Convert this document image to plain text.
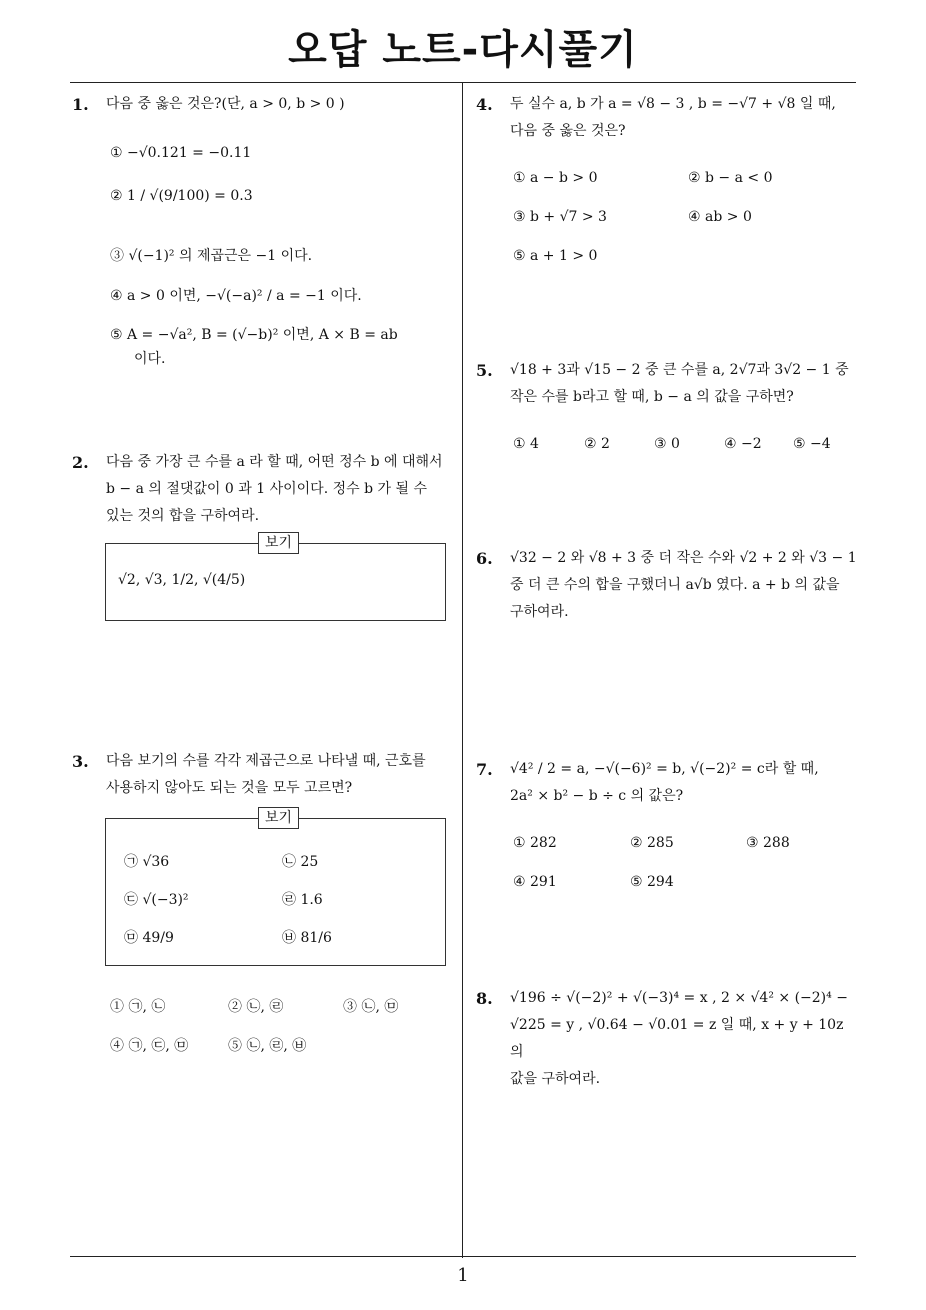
오답 노트-다시풀기
1
1. 다음 중 옳은 것은?(단, a > 0, b > 0 )
① −√0.121 = −0.11
② 1 / √(9/100) = 0.3
③ √(−1)² 의 제곱근은 −1 이다.
④ a > 0 이면, −√(−a)² / a = −1 이다.
⑤ A = −√a², B = (√−b)² 이면, A × B = ab
이다.
2. 다음 중 가장 큰 수를 a 라 할 때, 어떤 정수 b 에 대해서
b − a 의 절댓값이 0 과 1 사이이다. 정수 b 가 될 수
있는 것의 합을 구하여라.
보기
√2, √3, 1/2, √(4/5)
3. 다음 보기의 수를 각각 제곱근으로 나타낼 때, 근호를
사용하지 않아도 되는 것을 모두 고르면?
보기
㉠ √36	㉡ 25
㉢ √(−3)²	㉣ 1.6
㉤ 49/9	㉥ 81/6
① ㉠, ㉡	② ㉡, ㉣	③ ㉡, ㉤
④ ㉠, ㉢, ㉤	⑤ ㉡, ㉣, ㉥
4. 두 실수 a, b 가 a = √8 − 3 , b = −√7 + √8 일 때,
다음 중 옳은 것은?
① a − b > 0	② b − a < 0
③ b + √7 > 3	④ ab > 0
⑤ a + 1 > 0
5. √18 + 3과 √15 − 2 중 큰 수를 a, 2√7과 3√2 − 1 중
작은 수를 b라고 할 때, b − a 의 값을 구하면?
① 4	② 2	③ 0	④ −2 ⑤ −4
6. √32 − 2 와 √8 + 3 중 더 작은 수와 √2 + 2 와 √3 − 1
중 더 큰 수의 합을 구했더니 a√b 였다. a + b 의 값을
구하여라.
7. √4² / 2 = a, −√(−6)² = b, √(−2)² = c라 할 때,
2a² × b² − b ÷ c 의 값은?
① 282	② 285	③ 288
④ 291	⑤ 294
8. √196 ÷ √(−2)² + √(−3)⁴ = x , 2 × √4² × (−2)⁴ −
√225 = y , √0.64 − √0.01 = z 일 때, x + y + 10z 의
값을 구하여라.
